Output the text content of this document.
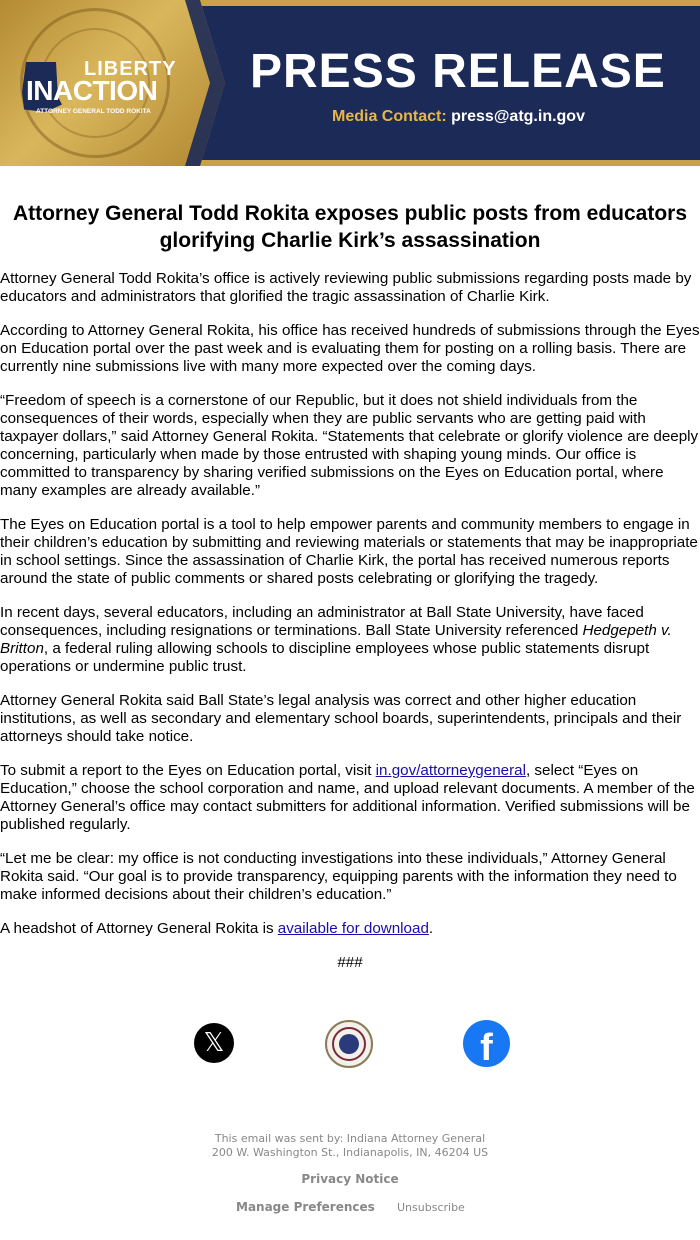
LIBERTY
INACTION
ATTORNEY GENERAL TODD ROKITA
PRESS RELEASE
Media Contact: press@atg.in.gov
Attorney General Todd Rokita exposes public posts from educators glorifying Charlie Kirk’s assassination

Attorney General Todd Rokita’s office is actively reviewing public submissions regarding posts made by educators and administrators that glorified the tragic assassination of Charlie Kirk.

According to Attorney General Rokita, his office has received hundreds of submissions through the Eyes on Education portal over the past week and is evaluating them for posting on a rolling basis. There are currently nine submissions live with many more expected over the coming days.

“Freedom of speech is a cornerstone of our Republic, but it does not shield individuals from the consequences of their words, especially when they are public servants who are getting paid with taxpayer dollars,” said Attorney General Rokita. “Statements that celebrate or glorify violence are deeply concerning, particularly when made by those entrusted with shaping young minds. Our office is committed to transparency by sharing verified submissions on the Eyes on Education portal, where many examples are already available.”

The Eyes on Education portal is a tool to help empower parents and community members to engage in their children’s education by submitting and reviewing materials or statements that may be inappropriate in school settings. Since the assassination of Charlie Kirk, the portal has received numerous reports around the state of public comments or shared posts celebrating or glorifying the tragedy.

In recent days, several educators, including an administrator at Ball State University, have faced consequences, including resignations or terminations. Ball State University referenced Hedgepeth v. Britton, a federal ruling allowing schools to discipline employees whose public statements disrupt operations or undermine public trust.

Attorney General Rokita said Ball State’s legal analysis was correct and other higher education institutions, as well as secondary and elementary school boards, superintendents, principals and their attorneys should take notice.

To submit a report to the Eyes on Education portal, visit in.gov/attorneygeneral, select “Eyes on Education,” choose the school corporation and name, and upload relevant documents. A member of the Attorney General’s office may contact submitters for additional information. Verified submissions will be published regularly.

“Let me be clear: my office is not conducting investigations into these individuals,” Attorney General Rokita said. “Our goal is to provide transparency, equipping parents with the information they need to make informed decisions about their children’s education.”

A headshot of Attorney General Rokita is available for download.

###

𝕏	f
This email was sent by: Indiana Attorney General
200 W. Washington St., Indianapolis, IN, 46204 US
Privacy Notice
Manage Preferences Unsubscribe
